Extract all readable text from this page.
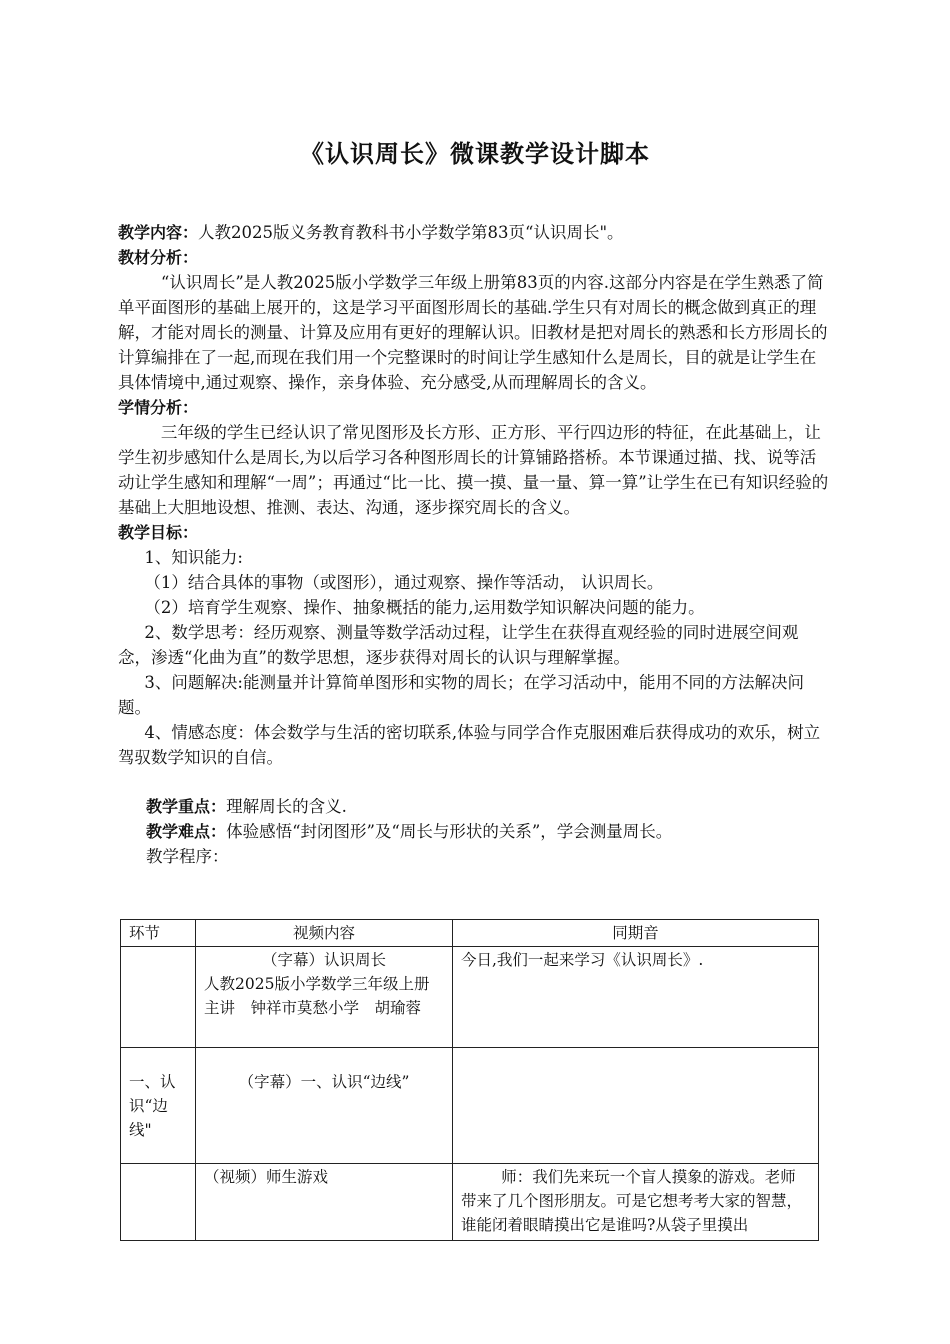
《认识周长》微课教学设计脚本

教学内容：人教2025版义务教育教科书小学数学第83页“认识周长"。

教材分析：

“认识周长”是人教2025版小学数学三年级上册第83页的内容.这部分内容是在学生熟悉了简单平面图形的基础上展开的，这是学习平面图形周长的基础.学生只有对周长的概念做到真正的理解，才能对周长的测量、计算及应用有更好的理解认识。旧教材是把对周长的熟悉和长方形周长的计算编排在了一起,而现在我们用一个完整课时的时间让学生感知什么是周长，目的就是让学生在具体情境中,通过观察、操作，亲身体验、充分感受,从而理解周长的含义。

学情分析：

三年级的学生已经认识了常见图形及长方形、正方形、平行四边形的特征，在此基础上，让学生初步感知什么是周长,为以后学习各种图形周长的计算铺路搭桥。本节课通过描、找、说等活动让学生感知和理解“一周”；再通过“比一比、摸一摸、量一量、算一算”让学生在已有知识经验的基础上大胆地设想、推测、表达、沟通，逐步探究周长的含义。

教学目标：

1、知识能力:

（1）结合具体的事物（或图形），通过观察、操作等活动， 认识周长。

（2）培育学生观察、操作、抽象概括的能力,运用数学知识解决问题的能力。

2、数学思考：经历观察、测量等数学活动过程，让学生在获得直观经验的同时进展空间观念，渗透“化曲为直”的数学思想，逐步获得对周长的认识与理解掌握。

3、问题解决:能测量并计算简单图形和实物的周长；在学习活动中，能用不同的方法解决问题。

4、情感态度：体会数学与生活的密切联系,体验与同学合作克服困难后获得成功的欢乐，树立驾驭数学知识的自信。

教学重点：理解周长的含义.

教学难点：体验感悟“封闭图形”及“周长与形状的关系”，学会测量周长。

教学程序：

环节	视频内容	同期音

	（字幕）认识周长
人教2025版小学数学三年级上册
主讲　钟祥市莫愁小学　胡瑜蓉	今日,我们一起来学习《认识周长》.
一、认识“边线"	（字幕）一、认识“边线”	

	（视频）师生游戏	师：我们先来玩一个盲人摸象的游戏。老师带来了几个图形朋友。可是它想考考大家的智慧，谁能闭着眼睛摸出它是谁吗?从袋子里摸出
